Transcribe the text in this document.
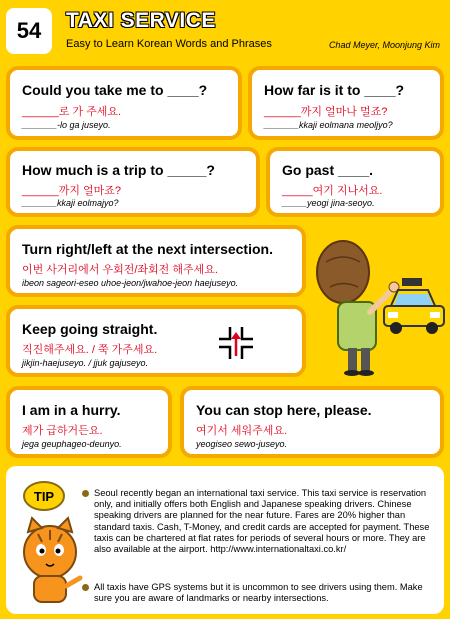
54	TAXI SERVICE
Easy to Learn Korean Words and Phrases	Chad Meyer, Moonjung Kim
Could you take me to ____?
______로 가 주세요.
_______-lo ga juseyo.
How far is it to ____?
______까지 얼마나 멀죠?
_______kkaji eolmana meoljyo?
How much is a trip to _____?
______까지 얼마죠?
_______kkaji eolmajyo?
Go past ____.
_____여기 지나서요.
_____yeogi jina-seoyo.
Turn right/left at the next intersection.
이번 사거리에서 우회전/좌회전 해주세요.
ibeon sageori-eseo uhoe-jeon/jwahoe-jeon haejuseyo.
Keep going straight.
직진해주세요. / 쭉 가주세요.
jikjin-haejuseyo. / jjuk gajuseyo.
I am in a hurry.
제가 급하거든요.
jega geuphageo-deunyo.
You can stop here, please.
여기서 세워주세요.
yeogiseo sewo-juseyo.
TIP	Seoul recently began an international taxi service. This taxi service is reservation only, and initially offers both English and Japanese speaking drivers. Chinese speaking drivers are planned for the near future. Fares are 20% higher than standard taxis. Cash, T-Money, and credit cards are accepted for payment. These taxis can be chartered at flat rates for periods of several hours or more. They are also available at the airport. http://www.internationaltaxi.co.kr/
All taxis have GPS systems but it is uncommon to see drivers using them. Make sure you are aware of landmarks or nearby intersections.
